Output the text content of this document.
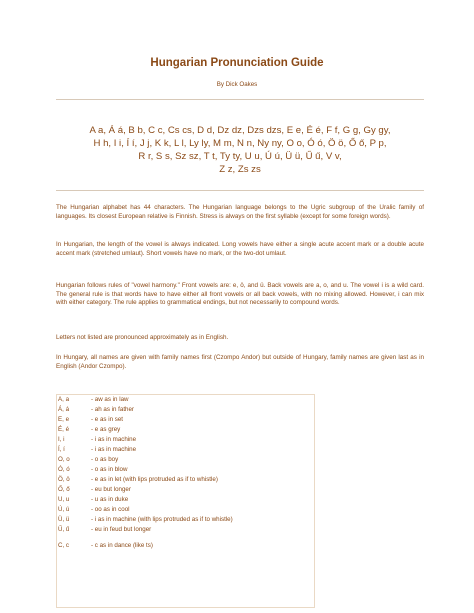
Hungarian Pronunciation Guide
By Dick Oakes
A a, Á á, B b, C c, Cs cs, D d, Dz dz, Dzs dzs, E e, É é, F f, G g, Gy gy,
H h, I i, Í í, J j, K k, L l, Ly ly, M m, N n, Ny ny, O o, Ó ó, Ö ö, Ő ő, P p,
R r, S s, Sz sz, T t, Ty ty, U u, Ú ú, Ü ü, Ű ű, V v,
Z z, Zs zs

The Hungarian alphabet has 44 characters. The Hungarian language belongs to the Ugric subgroup of the Uralic family of languages. Its closest European relative is Finnish. Stress is always on the first syllable (except for some foreign words).

In Hungarian, the length of the vowel is always indicated. Long vowels have either a single acute accent mark or a double acute accent mark (stretched umlaut). Short vowels have no mark, or the two-dot umlaut.

Hungarian follows rules of "vowel harmony." Front vowels are: e, ö, and ü. Back vowels are a, o, and u. The vowel i is a wild card. The general rule is that words have to have either all front vowels or all back vowels, with no mixing allowed. However, i can mix with either category. The rule applies to grammatical endings, but not necessarily to compound words.

Letters not listed are pronounced approximately as in English.

In Hungary, all names are given with family names first (Czompo Andor) but outside of Hungary, family names are given last as in English (Andor Czompo).

A, a	- aw as in law
Á, á	- ah as in father
E, e	- e as in set
É, é	- e as grey
I, i	- i as in machine
Í, í	- i as in machine
O, o	- o as boy
Ó, ó	- o as in blow
Ö, ö	- e as in let (with lips protruded as if to whistle)
Ő, ő	- eu but longer
U, u	- u as in duke
Ú, ú	- oo as in cool
Ü, ü	- i as in machine (with lips protruded as if to whistle)
Ű, ű	- eu in feud but longer
C, c	- c as in dance (like ts)
